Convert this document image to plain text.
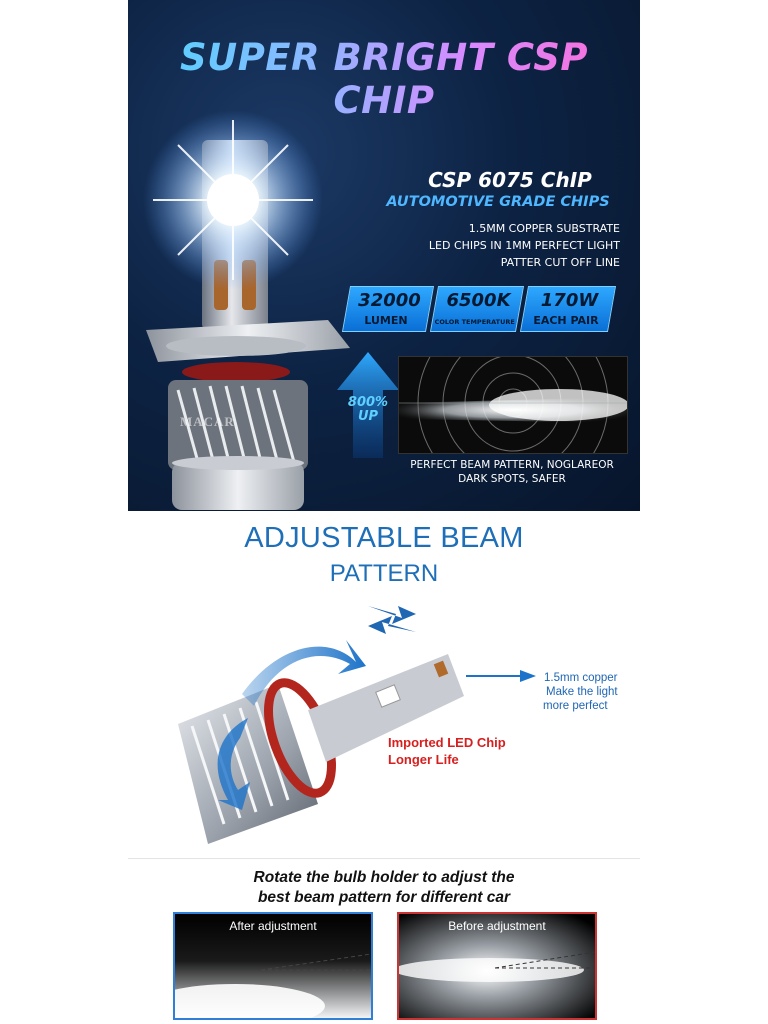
SUPER BRIGHT CSP CHIP
MACAR
CSP 6075 ChIP
AUTOMOTIVE GRADE CHIPS
1.5MM COPPER SUBSTRATE
LED CHIPS IN 1MM PERFECT LIGHT
PATTER CUT OFF LINE
32000
LUMEN
6500K
COLOR TEMPERATURE
170W
EACH PAIR
800%
UP
PERFECT BEAM PATTERN, NOGLAREOR
DARK SPOTS, SAFER
ADJUSTABLE BEAM
PATTERN
1.5mm copper
Make the light
more perfect
Imported LED Chip
Longer Life
Rotate the bulb holder to adjust the
best beam pattern for different car
After adjustment	Before adjustment
